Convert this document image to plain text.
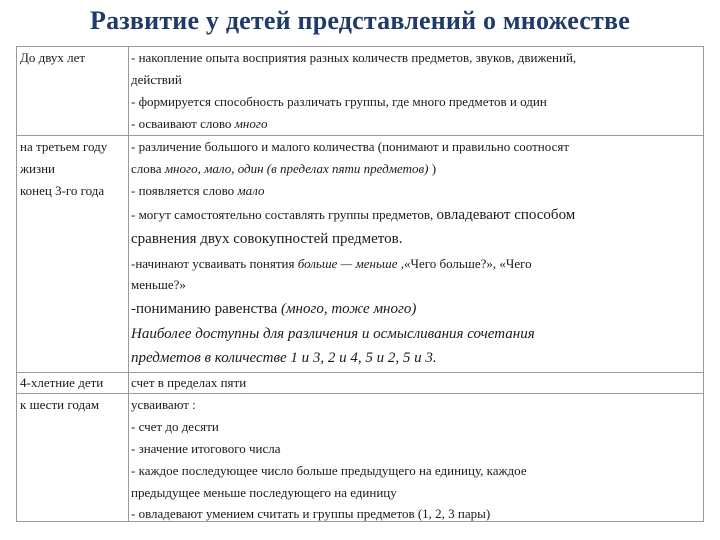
Развитие у детей представлений о множестве
До двух лет	- накопление опыта восприятия разных количеств предметов, звуков, движений,
действий
- формируется способность различать группы, где много предметов и один
- осваивают слово много
на третьем году
жизни
конец 3-го года
- различение большого и малого количества (понимают и правильно соотносят
слова много, мало, один (в пределах пяти предметов) )
- появляется слово мало
- могут самостоятельно составлять группы предметов, овладевают способом
сравнения двух совокупностей предметов.
-начинают усваивать понятия больше — меньше ,«Чего больше?», «Чего
меньше?»
-пониманию равенства (много, тоже много)
Наиболее доступны для различения и осмысливания сочетания
предметов в количестве 1 и 3, 2 и 4, 5 и 2, 5 и 3.
4-хлетние дети счет в пределах пяти
к шести годам усваивают :
- счет до десяти
- значение итогового числа
- каждое последующее число больше предыдущего на единицу, каждое
предыдущее меньше последующего на единицу
- овладевают умением считать и группы предметов (1, 2, 3 пары)
